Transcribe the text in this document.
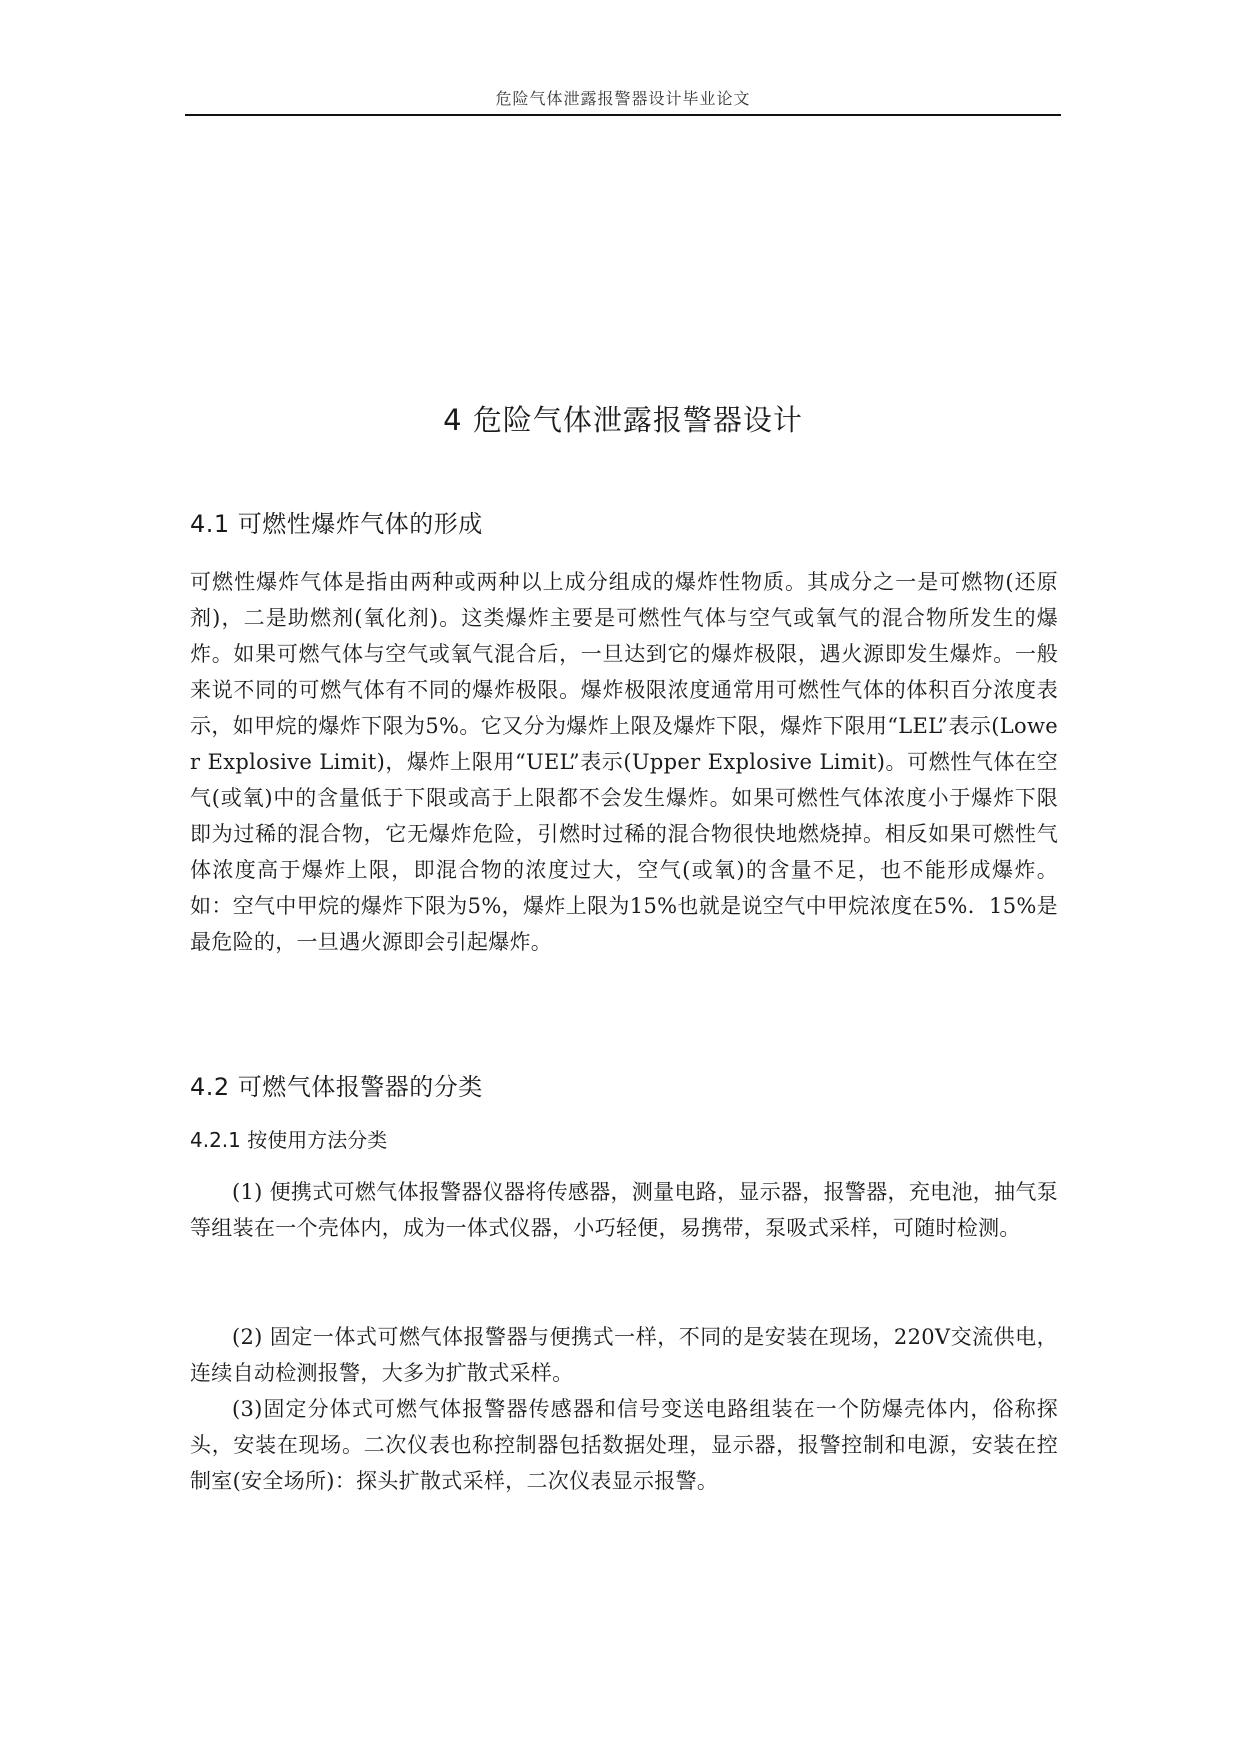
危险气体泄露报警器设计毕业论文
4 危险气体泄露报警器设计
4.1 可燃性爆炸气体的形成

可燃性爆炸气体是指由两种或两种以上成分组成的爆炸性物质。其成分之一是可燃物(还原剂)，二是助燃剂(氧化剂)。这类爆炸主要是可燃性气体与空气或氧气的混合物所发生的爆炸。如果可燃气体与空气或氧气混合后，一旦达到它的爆炸极限，遇火源即发生爆炸。一般来说不同的可燃气体有不同的爆炸极限。爆炸极限浓度通常用可燃性气体的体积百分浓度表示，如甲烷的爆炸下限为5%。它又分为爆炸上限及爆炸下限，爆炸下限用“LEL”表示(Lower Explosive Limit)，爆炸上限用“UEL”表示(Upper Explosive Limit)。可燃性气体在空气(或氧)中的含量低于下限或高于上限都不会发生爆炸。如果可燃性气体浓度小于爆炸下限即为过稀的混合物，它无爆炸危险，引燃时过稀的混合物很快地燃烧掉。相反如果可燃性气体浓度高于爆炸上限，即混合物的浓度过大，空气(或氧)的含量不足，也不能形成爆炸。如：空气中甲烷的爆炸下限为5%，爆炸上限为15%也就是说空气中甲烷浓度在5%．15%是最危险的，一旦遇火源即会引起爆炸。

4.2 可燃气体报警器的分类
4.2.1 按使用方法分类

(1) 便携式可燃气体报警器仪器将传感器，测量电路，显示器，报警器，充电池，抽气泵等组装在一个壳体内，成为一体式仪器，小巧轻便，易携带，泵吸式采样，可随时检测。

(2) 固定一体式可燃气体报警器与便携式一样，不同的是安装在现场，220V交流供电，连续自动检测报警，大多为扩散式采样。

(3)固定分体式可燃气体报警器传感器和信号变送电路组装在一个防爆壳体内，俗称探头，安装在现场。二次仪表也称控制器包括数据处理，显示器，报警控制和电源，安装在控制室(安全场所)：探头扩散式采样，二次仪表显示报警。
